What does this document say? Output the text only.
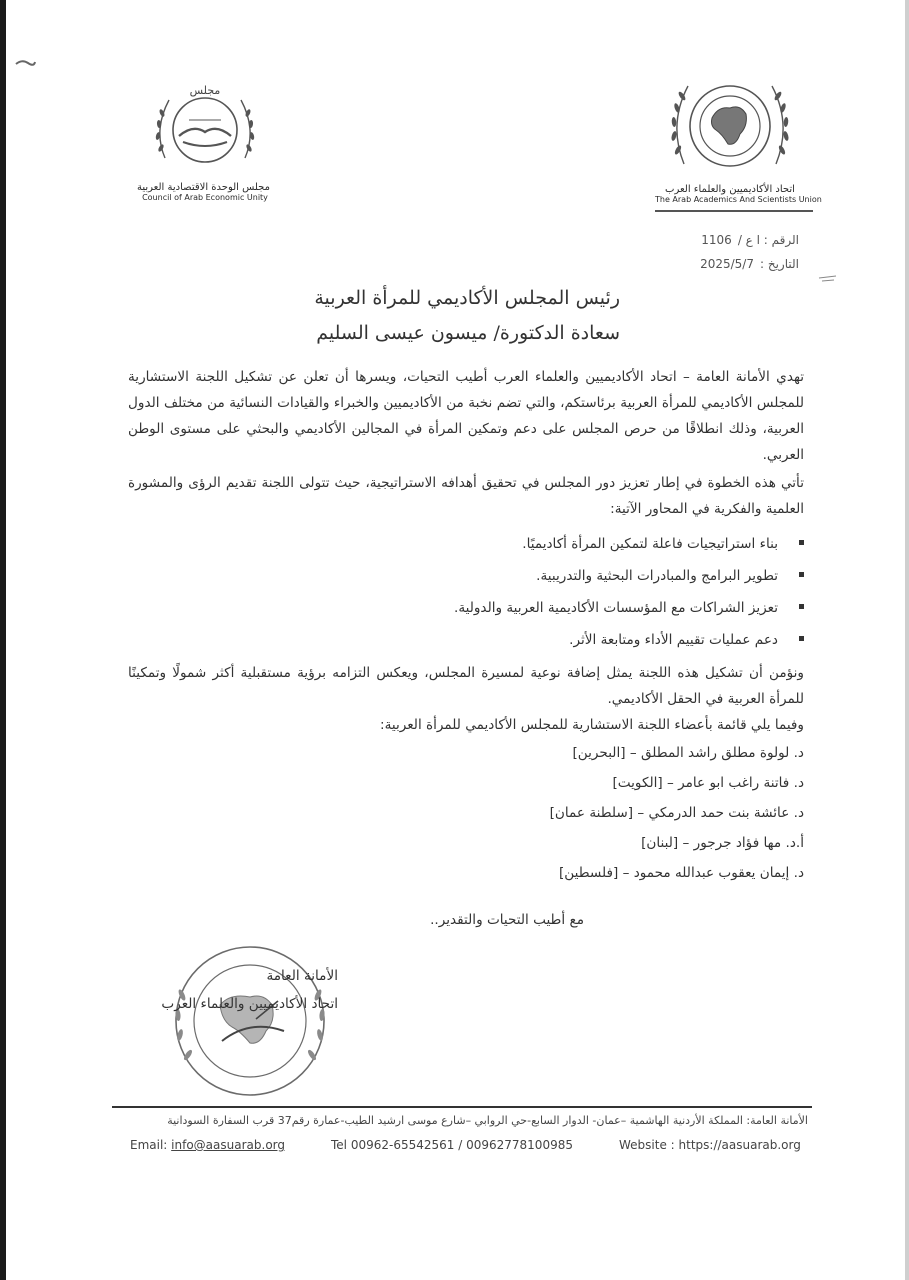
مجلس
مجلس الوحدة الاقتصادية العربية
Council of Arab Economic Unity
اتحاد الأكاديميين والعلماء العرب
The Arab Academics And Scientists Union
الرقم : ا ع /
1106
التاريخ :
2025/5/7
رئيس المجلس الأكاديمي للمرأة العربية
سعادة الدكتورة/ ميسون عيسى السليم

تهدي الأمانة العامة – اتحاد الأكاديميين والعلماء العرب أطيب التحيات، ويسرها أن تعلن عن تشكيل اللجنة الاستشارية للمجلس الأكاديمي للمرأة العربية برئاستكم، والتي تضم نخبة من الأكاديميين والخبراء والقيادات النسائية من مختلف الدول العربية، وذلك انطلاقًا من حرص المجلس على دعم وتمكين المرأة في المجالين الأكاديمي والبحثي على مستوى الوطن العربي.

تأتي هذه الخطوة في إطار تعزيز دور المجلس في تحقيق أهدافه الاستراتيجية، حيث تتولى اللجنة تقديم الرؤى والمشورة العلمية والفكرية في المحاور الآتية:

بناء استراتيجيات فاعلة لتمكين المرأة أكاديميًا.
تطوير البرامج والمبادرات البحثية والتدريبية.
تعزيز الشراكات مع المؤسسات الأكاديمية العربية والدولية.
دعم عمليات تقييم الأداء ومتابعة الأثر.

ونؤمن أن تشكيل هذه اللجنة يمثل إضافة نوعية لمسيرة المجلس، ويعكس التزامه برؤية مستقبلية أكثر شمولًا وتمكينًا للمرأة العربية في الحقل الأكاديمي.

وفيما يلي قائمة بأعضاء اللجنة الاستشارية للمجلس الأكاديمي للمرأة العربية:

د. لولوة مطلق راشد المطلق – [البحرين]
د. فاتنة راغب ابو عامر – [الكويت]
د. عائشة بنت حمد الدرمكي – [سلطنة عمان]
أ.د. مها فؤاد جرجور – [لبنان]
د. إيمان يعقوب عبدالله محمود – [فلسطين]
مع أطيب التحيات والتقدير..
الأمانة العامة
اتحاد الأكاديميين والعلماء العرب
الأمانة العامة: المملكة الأردنية الهاشمية –عمان- الدوار السابع-حي الروابي –شارع موسى ارشيد الطيب-عمارة رقم37 قرب السفارة السودانية
Email: info@aasuarab.org	Tel 00962-65542561 / 00962778100985	Website : https://aasuarab.org
